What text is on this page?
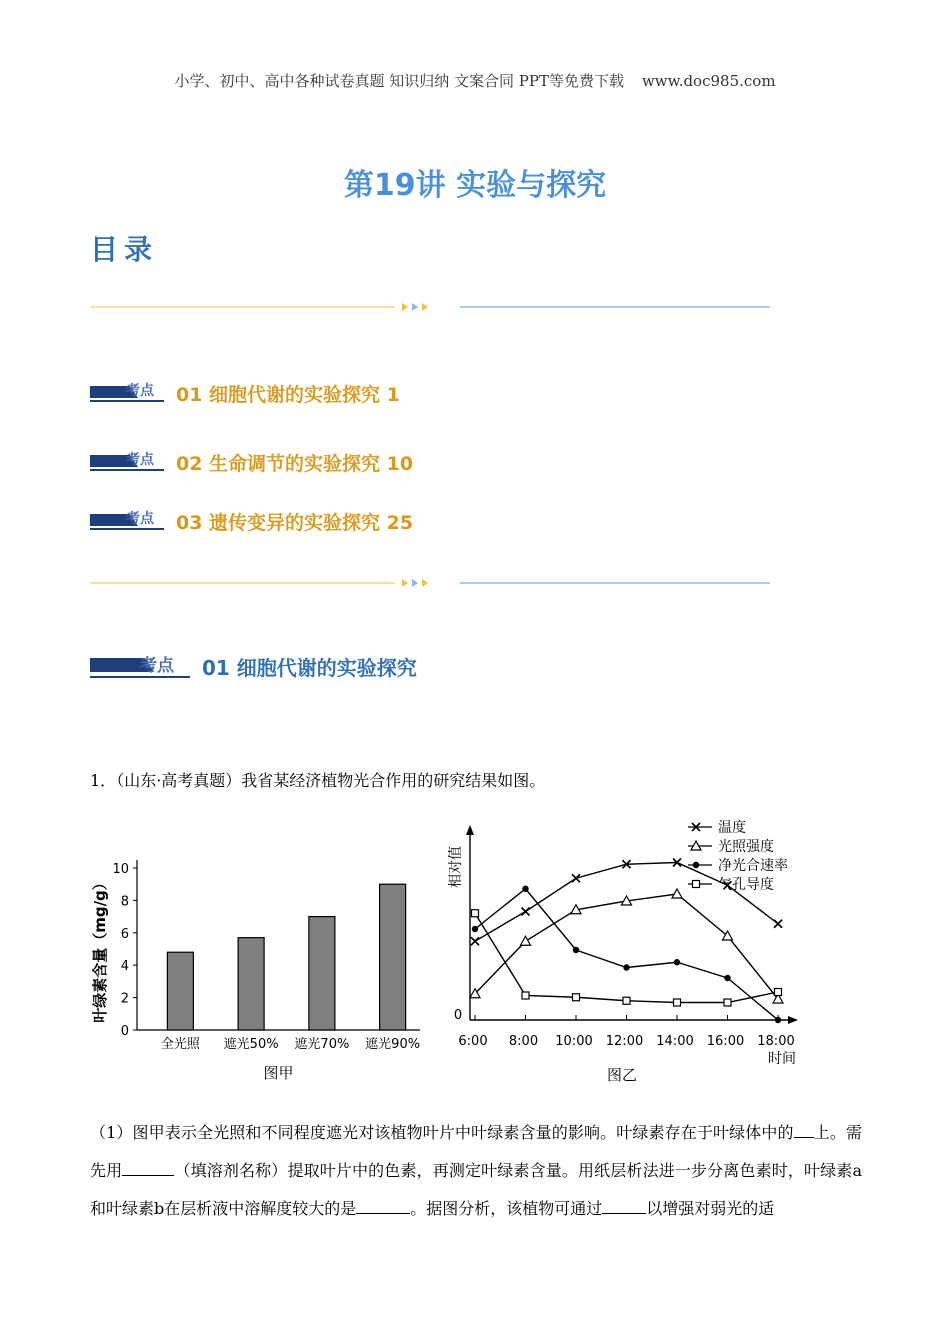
小学、初中、高中各种试卷真题 知识归纳 文案合同 PPT等免费下载 www.doc985.com
第19讲 实验与探究
目录
考点 01 细胞代谢的实验探究 1
考点 02 生命调节的实验探究 10
考点 03 遗传变异的实验探究 25
考点 01 细胞代谢的实验探究
1．（山东·高考真题）我省某经济植物光合作用的研究结果如图。
0
2
4
6
8
10
全光照 遮光50% 遮光70% 遮光90%
叶绿素含量（mg/g）
图甲
6:00 8:00 10:00 12:00 14:00 16:00 18:00
温度
光照强度
净光合速率
气孔导度
相对值
时间
0
图乙
（1）图甲表示全光照和不同程度遮光对该植物叶片中叶绿素含量的影响。叶绿素存在于叶绿体中的 上。需先用	（填溶剂名称）提取叶片中的色素，再测定叶绿素含量。用纸层析法进一步分离色素时，叶绿素a和叶绿素b在层析液中溶解度较大的是	。据图分析，该植物可通过	以增强对弱光的适
